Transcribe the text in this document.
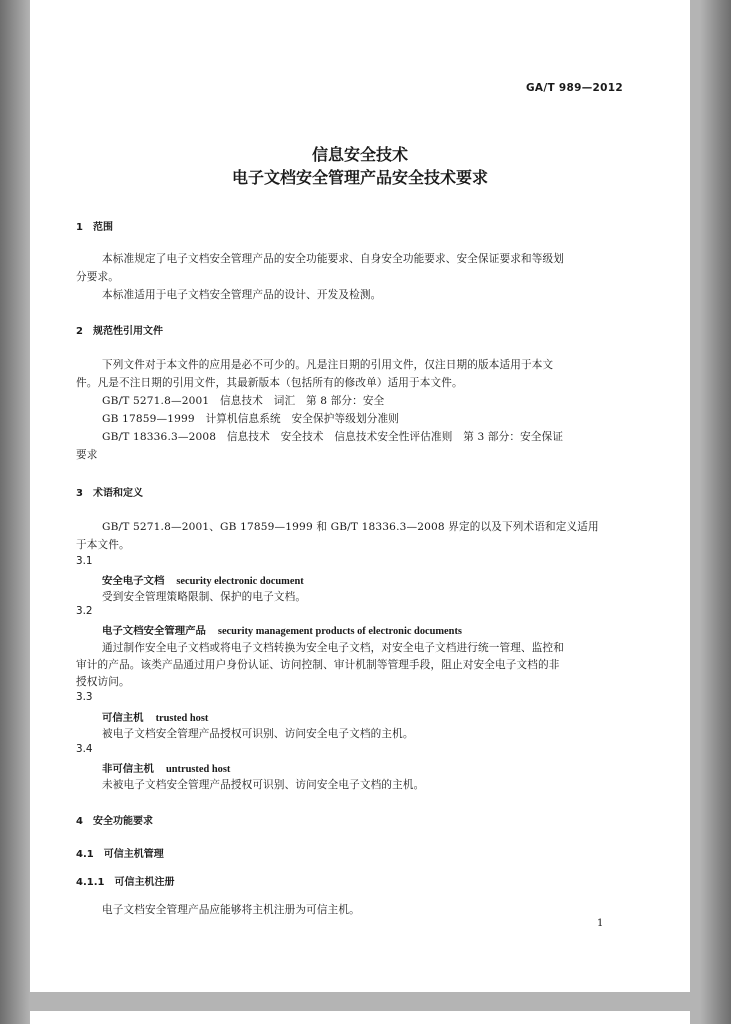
GA/T 989—2012
信息安全技术
电子文档安全管理产品安全技术要求
1　范围
本标准规定了电子文档安全管理产品的安全功能要求、自身安全功能要求、安全保证要求和等级划
分要求。
本标准适用于电子文档安全管理产品的设计、开发及检测。
2　规范性引用文件
下列文件对于本文件的应用是必不可少的。凡是注日期的引用文件，仅注日期的版本适用于本文
件。凡是不注日期的引用文件，其最新版本（包括所有的修改单）适用于本文件。
GB/T 5271.8—2001　信息技术　词汇　第 8 部分：安全
GB 17859—1999　计算机信息系统　安全保护等级划分准则
GB/T 18336.3—2008　信息技术　安全技术　信息技术安全性评估准则　第 3 部分：安全保证
要求
3　术语和定义
GB/T 5271.8—2001、GB 17859—1999 和 GB/T 18336.3—2008 界定的以及下列术语和定义适用
于本文件。
3.1
安全电子文档 security electronic document
受到安全管理策略限制、保护的电子文档。
3.2
电子文档安全管理产品 security management products of electronic documents
通过制作安全电子文档或将电子文档转换为安全电子文档，对安全电子文档进行统一管理、监控和
审计的产品。该类产品通过用户身份认证、访问控制、审计机制等管理手段，阻止对安全电子文档的非
授权访问。
3.3
可信主机 trusted host
被电子文档安全管理产品授权可识别、访问安全电子文档的主机。
3.4
非可信主机 untrusted host
未被电子文档安全管理产品授权可识别、访问安全电子文档的主机。
4　安全功能要求
4.1　可信主机管理
4.1.1　可信主机注册
电子文档安全管理产品应能够将主机注册为可信主机。
1
